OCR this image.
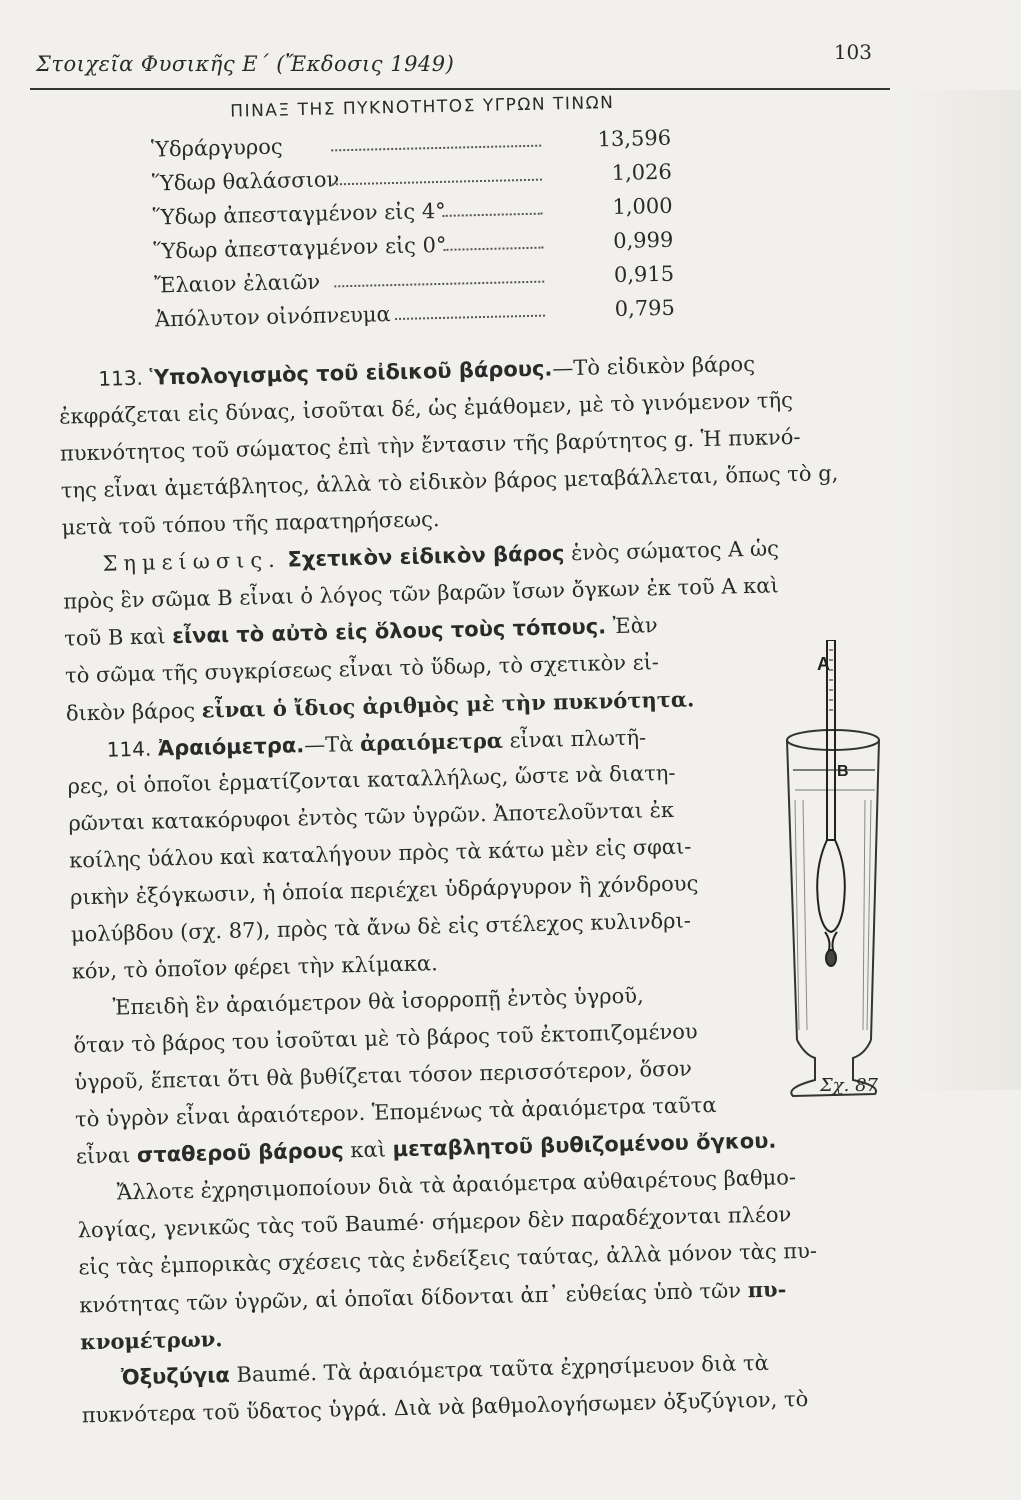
Στοιχεῖα Φυσικῆς Ε΄ (Ἔκδοσις 1949)	103
ΠΙΝΑΞ ΤΗΣ ΠΥΚΝΟΤΗΤΟΣ ΥΓΡΩΝ ΤΙΝΩΝ
Ὑδράργυρος	13,596
Ὕδωρ θαλάσσιον	1,026
Ὕδωρ ἀπεσταγμένον εἰς 4°	1,000
Ὕδωρ ἀπεσταγμένον εἰς 0°	0,999
Ἔλαιον ἐλαιῶν	0,915
Ἀπόλυτον οἰνόπνευμα	0,795
113. Ὑπολογισμὸς τοῦ εἰδικοῦ βάρους.—Τὸ εἰδικὸν βάρος
ἐκφράζεται εἰς δύνας, ἰσοῦται δέ, ὡς ἐμάθομεν, μὲ τὸ γινόμενον τῆς
πυκνότητος τοῦ σώματος ἐπὶ τὴν ἔντασιν τῆς βαρύτητος g. Ἡ πυκνό-
της εἶναι ἀμετάβλητος, ἀλλὰ τὸ εἰδικὸν βάρος μεταβάλλεται, ὅπως τὸ g,
μετὰ τοῦ τόπου τῆς παρατηρήσεως.
Σημείωσις. Σχετικὸν εἰδικὸν βάρος ἑνὸς σώματος Α ὡς
πρὸς ἓν σῶμα Β εἶναι ὁ λόγος τῶν βαρῶν ἴσων ὄγκων ἐκ τοῦ Α καὶ
τοῦ Β καὶ εἶναι τὸ αὐτὸ εἰς ὅλους τοὺς τόπους. Ἐὰν
τὸ σῶμα τῆς συγκρίσεως εἶναι τὸ ὕδωρ, τὸ σχετικὸν εἰ-
δικὸν βάρος εἶναι ὁ ἴδιος ἀριθμὸς μὲ τὴν πυκνότητα.
114. Ἀραιόμετρα.—Τὰ ἀραιόμετρα εἶναι πλωτῆ-
ρες, οἱ ὁποῖοι ἑρματίζονται καταλλήλως, ὥστε νὰ διατη-
ρῶνται κατακόρυφοι ἐντὸς τῶν ὑγρῶν. Ἀποτελοῦνται ἐκ
κοίλης ὑάλου καὶ καταλήγουν πρὸς τὰ κάτω μὲν εἰς σφαι-
ρικὴν ἐξόγκωσιν, ἡ ὁποία περιέχει ὑδράργυρον ἢ χόνδρους
μολύβδου (σχ. 87), πρὸς τὰ ἄνω δὲ εἰς στέλεχος κυλινδρι-
κόν, τὸ ὁποῖον φέρει τὴν κλίμακα.
Ἐπειδὴ ἓν ἀραιόμετρον θὰ ἰσορροπῇ ἐντὸς ὑγροῦ,
ὅταν τὸ βάρος του ἰσοῦται μὲ τὸ βάρος τοῦ ἐκτοπιζομένου
ὑγροῦ, ἕπεται ὅτι θὰ βυθίζεται τόσον περισσότερον, ὅσον
τὸ ὑγρὸν εἶναι ἀραιότερον. Ἑπομένως τὰ ἀραιόμετρα ταῦτα
εἶναι σταθεροῦ βάρους καὶ μεταβλητοῦ βυθιζομένου ὄγκου.
Ἄλλοτε ἐχρησιμοποίουν διὰ τὰ ἀραιόμετρα αὐθαιρέτους βαθμο-
λογίας, γενικῶς τὰς τοῦ Baumé· σήμερον δὲν παραδέχονται πλέον
εἰς τὰς ἐμπορικὰς σχέσεις τὰς ἐνδείξεις ταύτας, ἀλλὰ μόνον τὰς πυ-
κνότητας τῶν ὑγρῶν, αἱ ὁποῖαι δίδονται ἀπ᾽ εὐθείας ὑπὸ τῶν πυ-
κνομέτρων.
Ὀξυζύγια Baumé. Τὰ ἀραιόμετρα ταῦτα ἐχρησίμευον διὰ τὰ
πυκνότερα τοῦ ὕδατος ὑγρά. Διὰ νὰ βαθμολογήσωμεν ὀξυζύγιον, τὸ
A
B
Σχ. 87
